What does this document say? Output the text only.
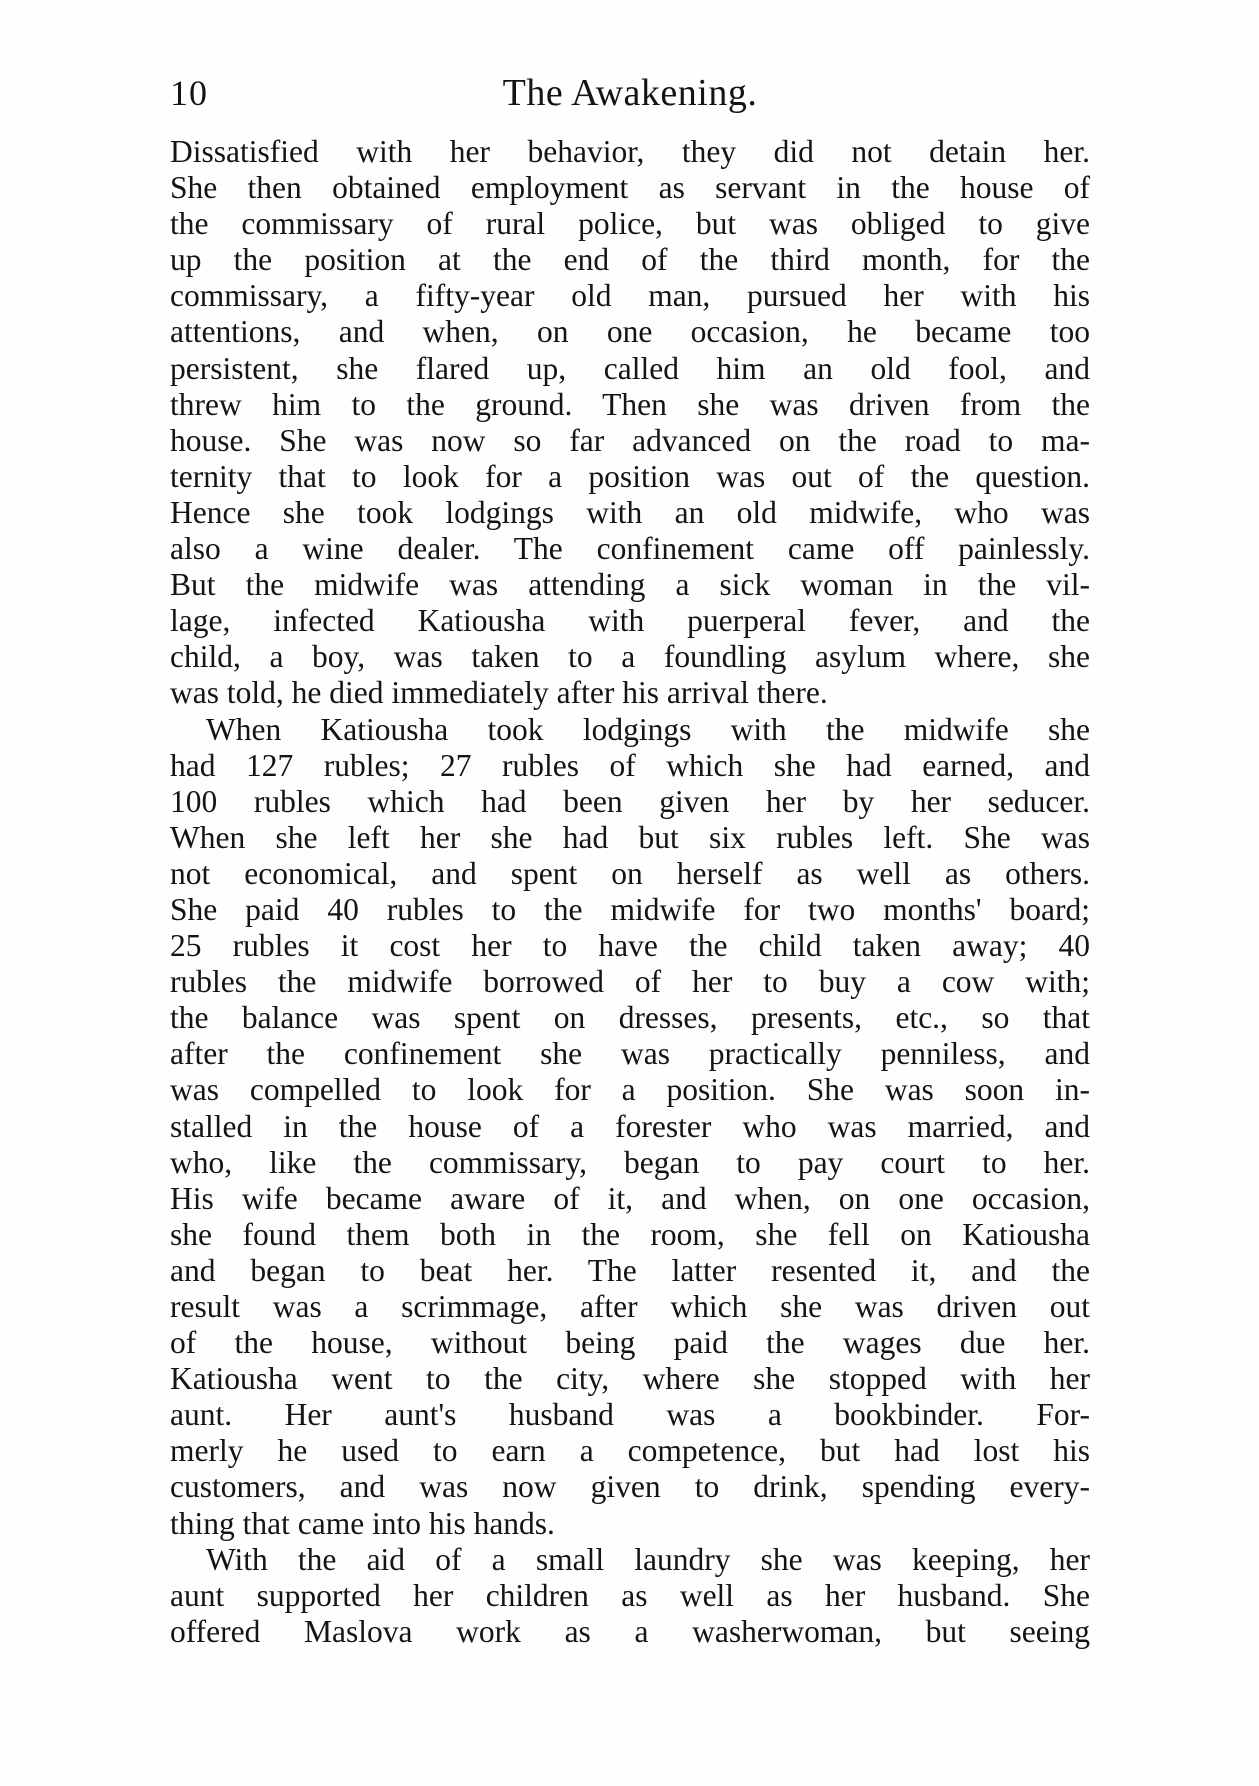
10	The Awakening.
Dissatisfied with her behavior, they did not detain her.
She then obtained employment as servant in the house of
the commissary of rural police, but was obliged to give
up the position at the end of the third month, for the
commissary, a fifty-year old man, pursued her with his
attentions, and when, on one occasion, he became too
persistent, she flared up, called him an old fool, and
threw him to the ground. Then she was driven from the
house. She was now so far advanced on the road to ma-
ternity that to look for a position was out of the question.
Hence she took lodgings with an old midwife, who was
also a wine dealer. The confinement came off painlessly.
But the midwife was attending a sick woman in the vil-
lage, infected Katiousha with puerperal fever, and the
child, a boy, was taken to a foundling asylum where, she
was told, he died immediately after his arrival there.
When Katiousha took lodgings with the midwife she
had 127 rubles; 27 rubles of which she had earned, and
100 rubles which had been given her by her seducer.
When she left her she had but six rubles left. She was
not economical, and spent on herself as well as others.
She paid 40 rubles to the midwife for two months' board;
25 rubles it cost her to have the child taken away; 40
rubles the midwife borrowed of her to buy a cow with;
the balance was spent on dresses, presents, etc., so that
after the confinement she was practically penniless, and
was compelled to look for a position. She was soon in-
stalled in the house of a forester who was married, and
who, like the commissary, began to pay court to her.
His wife became aware of it, and when, on one occasion,
she found them both in the room, she fell on Katiousha
and began to beat her. The latter resented it, and the
result was a scrimmage, after which she was driven out
of the house, without being paid the wages due her.
Katiousha went to the city, where she stopped with her
aunt. Her aunt's husband was a bookbinder. For-
merly he used to earn a competence, but had lost his
customers, and was now given to drink, spending every-
thing that came into his hands.
With the aid of a small laundry she was keeping, her
aunt supported her children as well as her husband. She
offered Maslova work as a washerwoman, but seeing
